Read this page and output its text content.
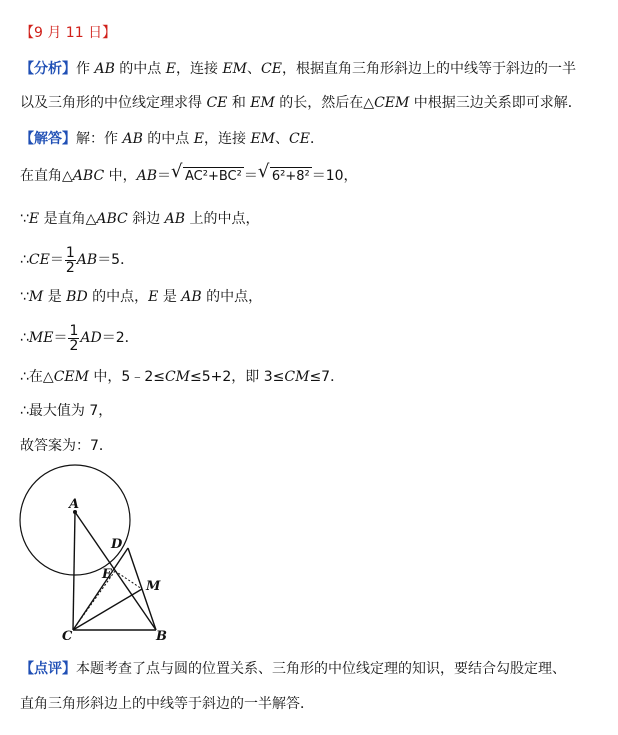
【9 月 11 日】
【分析】作 AB 的中点 E，连接 EM、CE，根据直角三角形斜边上的中线等于斜边的一半
以及三角形的中位线定理求得 CE 和 EM 的长，然后在△CEM 中根据三边关系即可求解．
【解答】解：作 AB 的中点 E，连接 EM、CE．
在直角△ABC 中，AB＝ √ AC²+BC² ＝ √ 6²+8² ＝10，
∵E 是直角△ABC 斜边 AB 上的中点，
∴CE＝ $\frac{1}{2} AB=5$．
∵M 是 BD 的中点，E 是 AB 的中点，
∴ME＝ $\frac{1}{2} AD=2$．
∴在△CEM 中，5﹣2≤CM≤5+2，即 3≤CM≤7．
∴最大值为 7，
故答案为：7．
A
D
E
M
C	B
【点评】本题考查了点与圆的位置关系、三角形的中位线定理的知识，要结合勾股定理、
直角三角形斜边上的中线等于斜边的一半解答．
